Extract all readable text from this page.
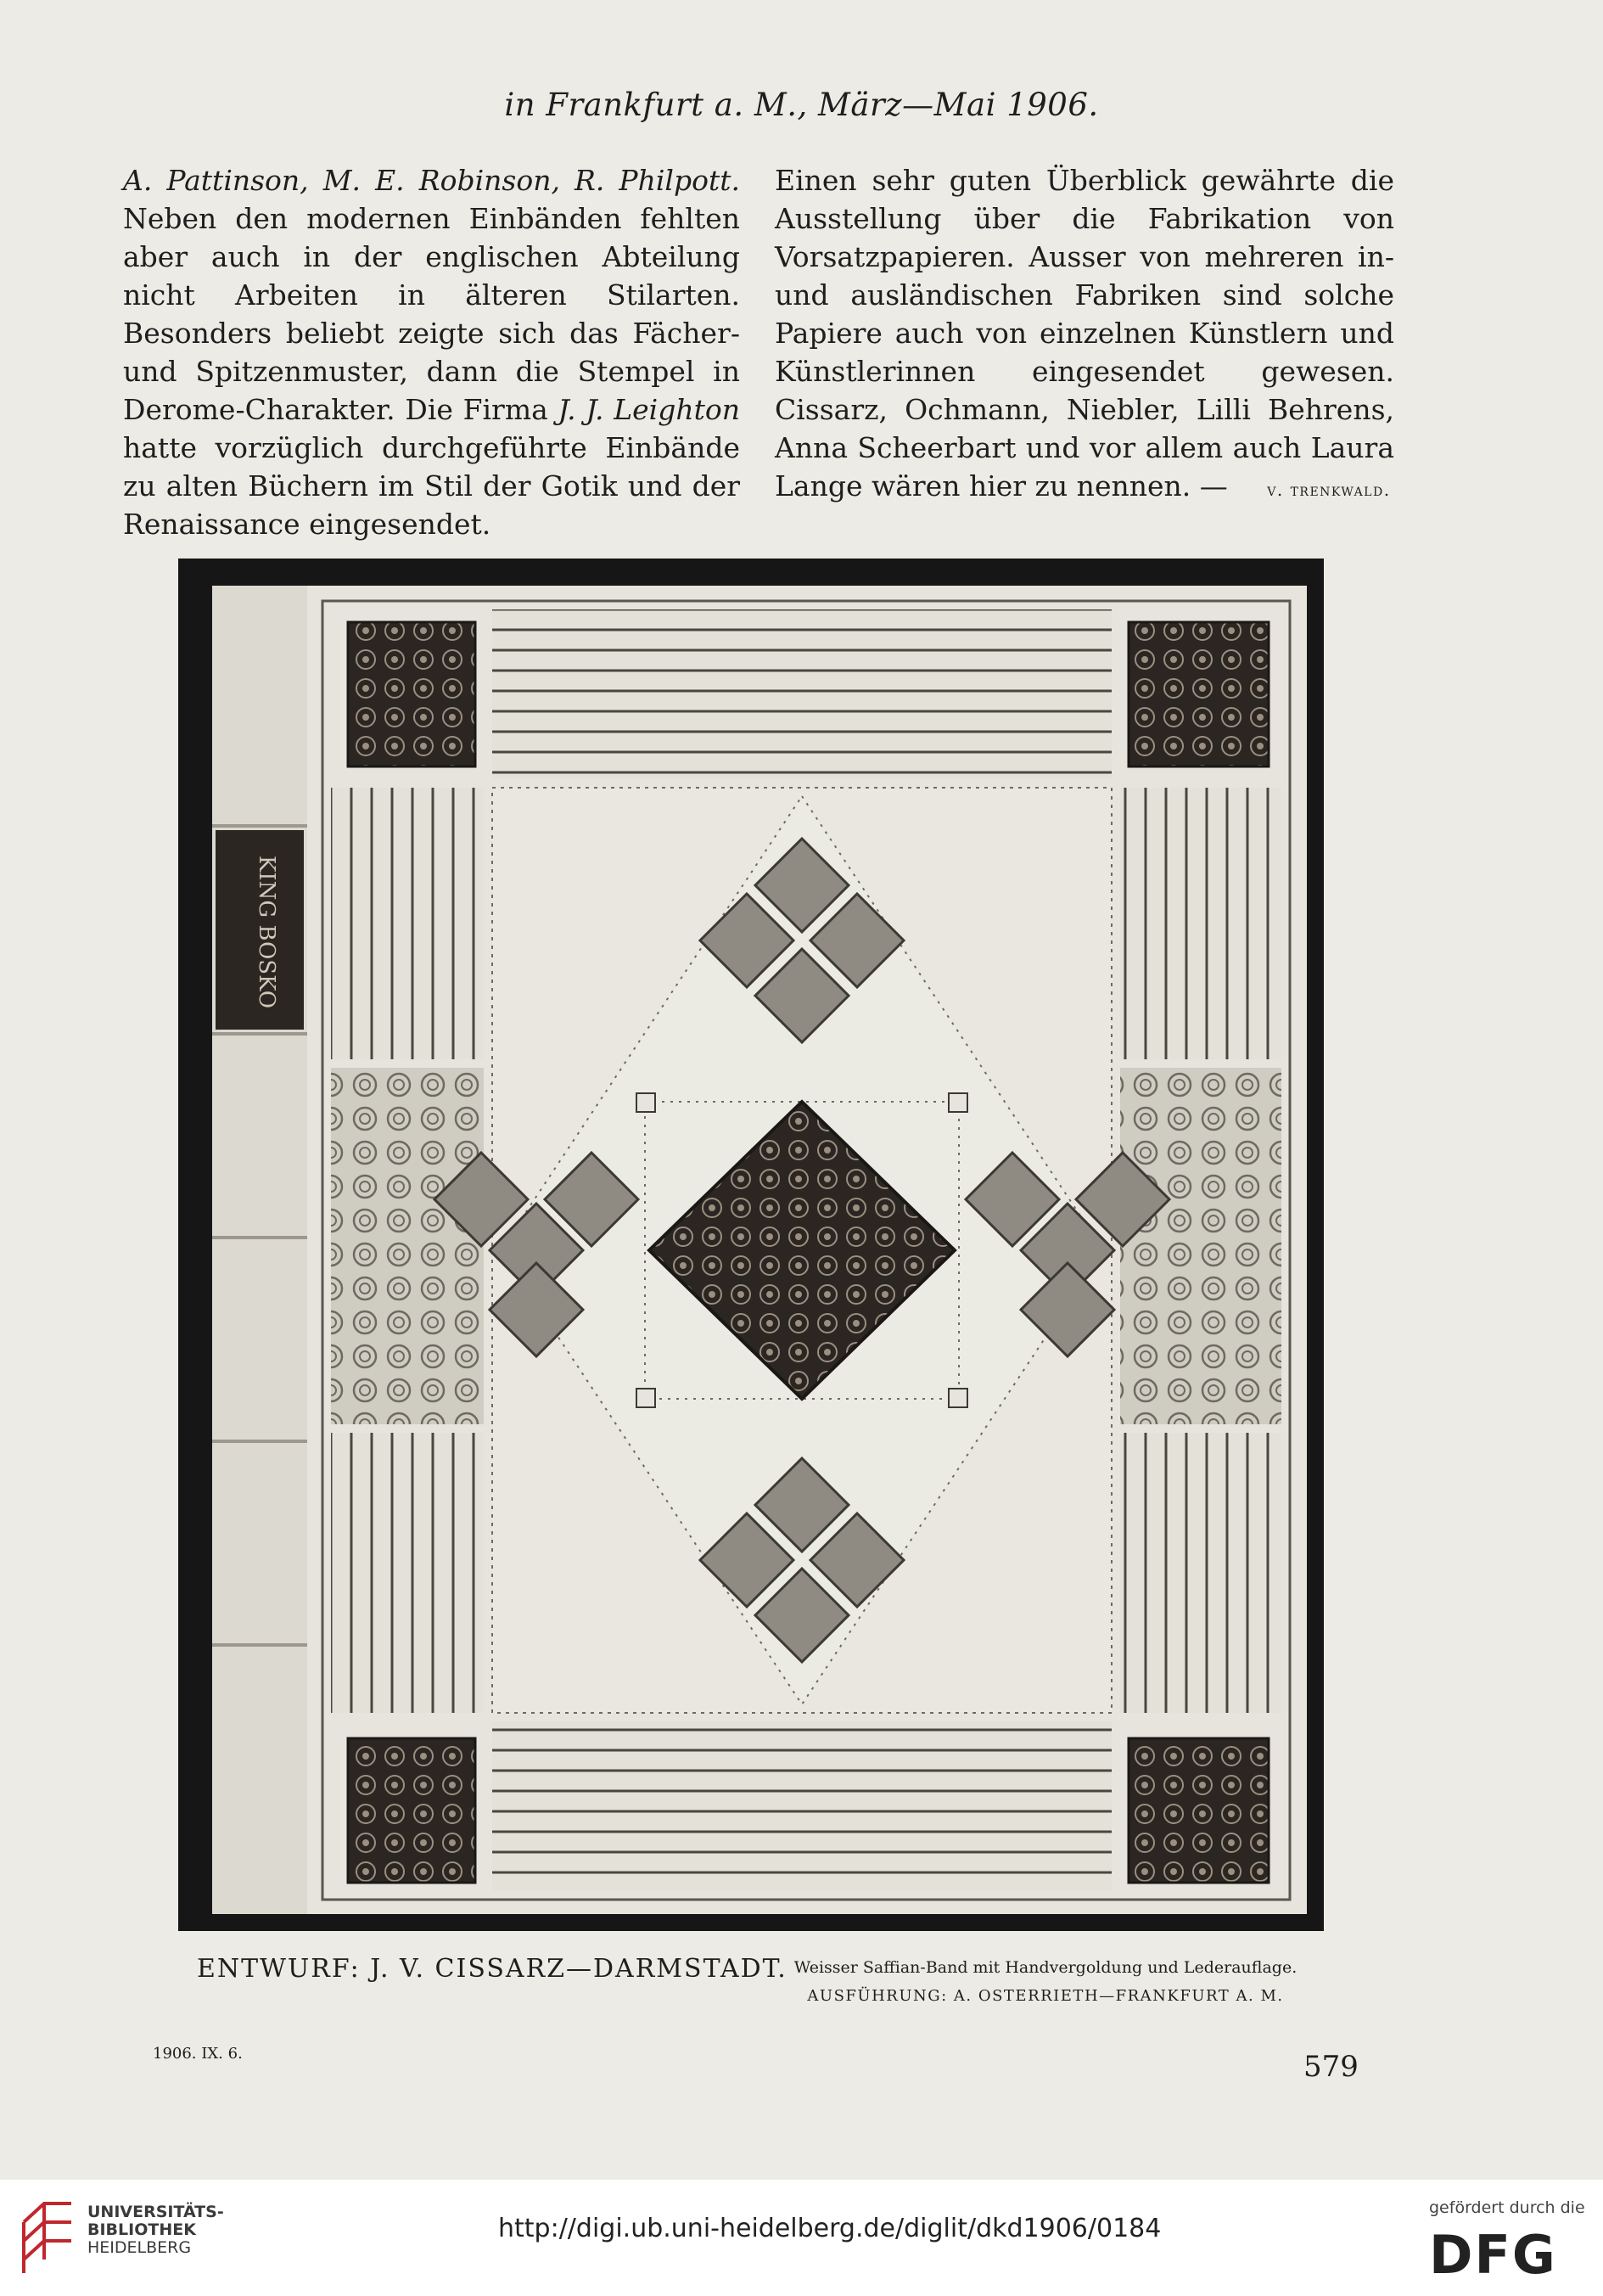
in Frankfurt a. M., März—Mai 1906.

A. Pattinson, M. E. Robinson, R. Philpott. Neben den modernen Einbänden fehlten aber auch in der englischen Abteilung nicht Arbeiten in älteren Stilarten. Besonders beliebt zeigte sich das Fächer- und Spitzenmuster, dann die Stempel in Derome-Charakter. Die Firma J. J. Leighton hatte vorzüglich durchgeführte Einbände zu alten Büchern im Stil der Gotik und der Renaissance eingesendet.

Einen sehr guten Überblick gewährte die Ausstellung über die Fabrikation von Vorsatzpapieren. Ausser von mehreren in- und ausländischen Fabriken sind solche Papiere auch von einzelnen Künstlern und Künstlerinnen eingesendet gewesen. Cissarz, Ochmann, Niebler, Lilli Behrens, Anna Scheerbart und vor allem auch Laura Lange wären hier zu nennen. — v. trenkwald.

KING BOSKO
ENTWURF: J. V. CISSARZ—DARMSTADT. Weisser Saffian-Band mit Handvergoldung und Lederauflage.
AUSFÜHRUNG: A. OSTERRIETH—FRANKFURT A. M.
1906. IX. 6.	579
UNIVERSITÄTS-
BIBLIOTHEK
HEIDELBERG
http://digi.ub.uni-heidelberg.de/diglit/dkd1906/0184
gefördert durch die
DFG
